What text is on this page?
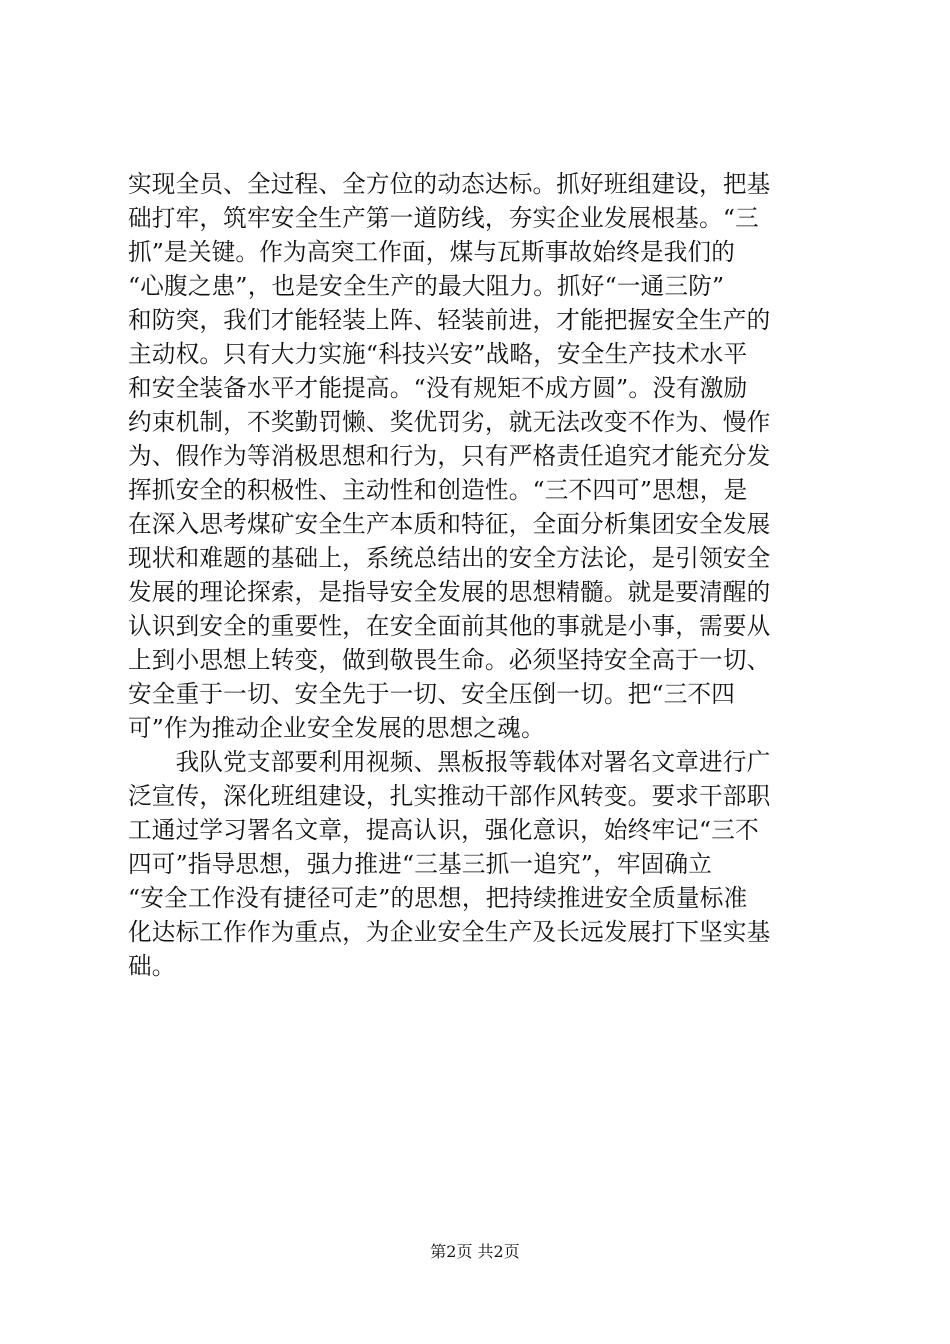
实现全员、全过程、全方位的动态达标。抓好班组建设，把基
础打牢，筑牢安全生产第一道防线，夯实企业发展根基。“三
抓”是关键。作为高突工作面，煤与瓦斯事故始终是我们的
“心腹之患”，也是安全生产的最大阻力。抓好“一通三防”
和防突，我们才能轻装上阵、轻装前进，才能把握安全生产的
主动权。只有大力实施“科技兴安”战略，安全生产技术水平
和安全装备水平才能提高。“没有规矩不成方圆”。没有激励
约束机制，不奖勤罚懒、奖优罚劣，就无法改变不作为、慢作
为、假作为等消极思想和行为，只有严格责任追究才能充分发
挥抓安全的积极性、主动性和创造性。“三不四可”思想，是
在深入思考煤矿安全生产本质和特征，全面分析集团安全发展
现状和难题的基础上，系统总结出的安全方法论，是引领安全
发展的理论探索，是指导安全发展的思想精髓。就是要清醒的
认识到安全的重要性，在安全面前其他的事就是小事，需要从
上到小思想上转变，做到敬畏生命。必须坚持安全高于一切、
安全重于一切、安全先于一切、安全压倒一切。把“三不四
可”作为推动企业安全发展的思想之魂。
　　我队党支部要利用视频、黑板报等载体对署名文章进行广
泛宣传，深化班组建设，扎实推动干部作风转变。要求干部职
工通过学习署名文章，提高认识，强化意识，始终牢记“三不
四可”指导思想，强力推进“三基三抓一追究”，牢固确立
“安全工作没有捷径可走”的思想，把持续推进安全质量标准
化达标工作作为重点，为企业安全生产及长远发展打下坚实基
础。
第2页 共2页
